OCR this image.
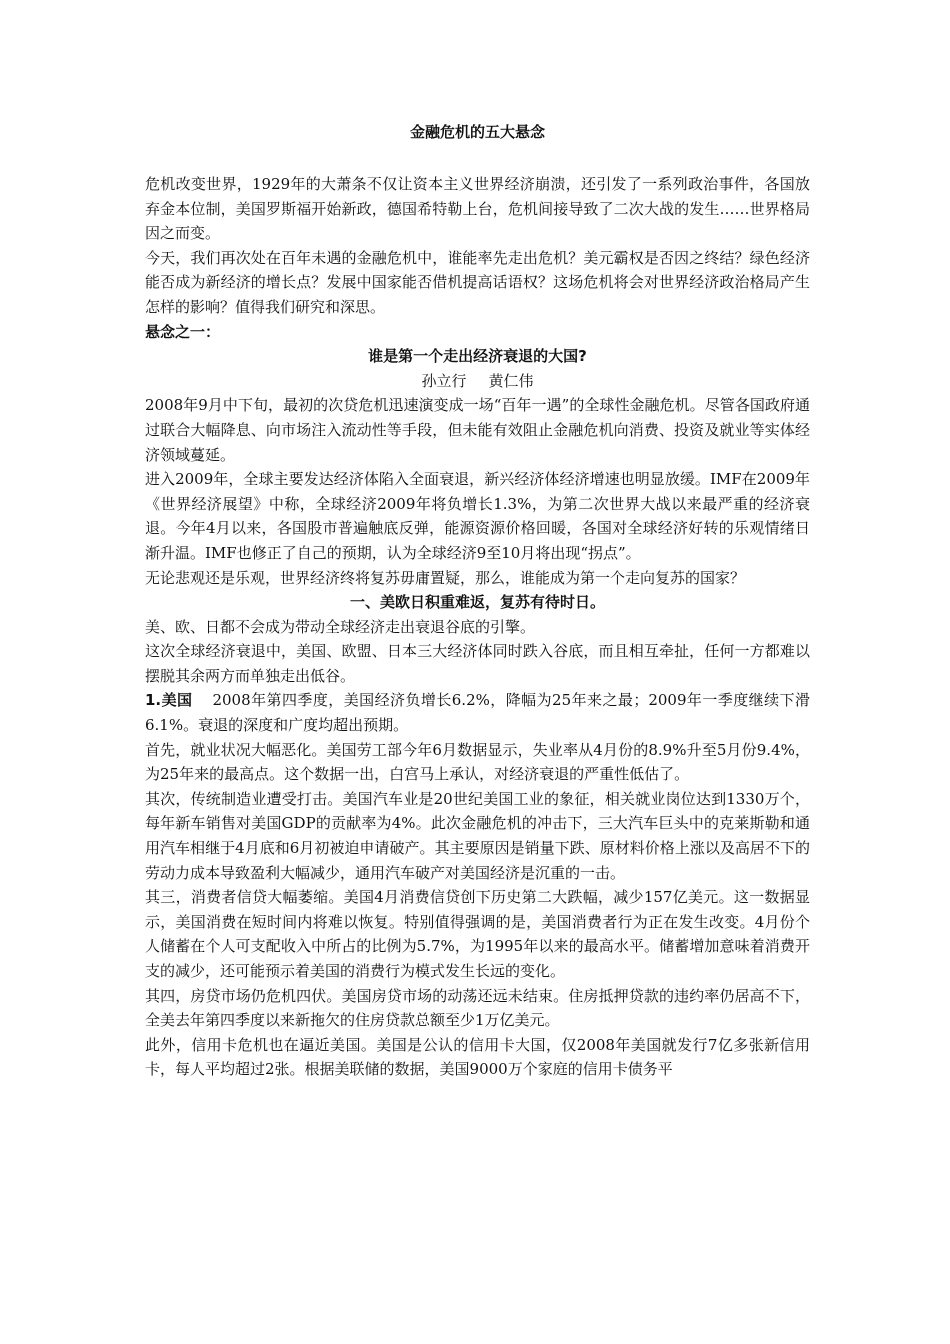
金融危机的五大悬念

危机改变世界，1929年的大萧条不仅让资本主义世界经济崩溃，还引发了一系列政治事件，各国放弃金本位制，美国罗斯福开始新政，德国希特勒上台，危机间接导致了二次大战的发生……世界格局因之而变。

今天，我们再次处在百年未遇的金融危机中，谁能率先走出危机？美元霸权是否因之终结？绿色经济能否成为新经济的增长点？发展中国家能否借机提高话语权？这场危机将会对世界经济政治格局产生怎样的影响？值得我们研究和深思。

悬念之一：

谁是第一个走出经济衰退的大国?

孙立行 黄仁伟

2008年9月中下旬，最初的次贷危机迅速演变成一场“百年一遇”的全球性金融危机。尽管各国政府通过联合大幅降息、向市场注入流动性等手段，但未能有效阻止金融危机向消费、投资及就业等实体经济领域蔓延。

进入2009年，全球主要发达经济体陷入全面衰退，新兴经济体经济增速也明显放缓。IMF在2009年《世界经济展望》中称，全球经济2009年将负增长1.3%，为第二次世界大战以来最严重的经济衰退。今年4月以来，各国股市普遍触底反弹，能源资源价格回暖，各国对全球经济好转的乐观情绪日渐升温。IMF也修正了自己的预期，认为全球经济9至10月将出现“拐点”。

无论悲观还是乐观，世界经济终将复苏毋庸置疑，那么，谁能成为第一个走向复苏的国家？

一、美欧日积重难返，复苏有待时日。

美、欧、日都不会成为带动全球经济走出衰退谷底的引擎。

这次全球经济衰退中，美国、欧盟、日本三大经济体同时跌入谷底，而且相互牵扯，任何一方都难以摆脱其余两方而单独走出低谷。

1.美国 2008年第四季度，美国经济负增长6.2%，降幅为25年来之最；2009年一季度继续下滑6.1%。衰退的深度和广度均超出预期。

首先，就业状况大幅恶化。美国劳工部今年6月数据显示，失业率从4月份的8.9%升至5月份9.4%，为25年来的最高点。这个数据一出，白宫马上承认，对经济衰退的严重性低估了。

其次，传统制造业遭受打击。美国汽车业是20世纪美国工业的象征，相关就业岗位达到1330万个，每年新车销售对美国GDP的贡献率为4%。此次金融危机的冲击下，三大汽车巨头中的克莱斯勒和通用汽车相继于4月底和6月初被迫申请破产。其主要原因是销量下跌、原材料价格上涨以及高居不下的劳动力成本导致盈利大幅减少，通用汽车破产对美国经济是沉重的一击。

其三，消费者信贷大幅萎缩。美国4月消费信贷创下历史第二大跌幅，减少157亿美元。这一数据显示，美国消费在短时间内将难以恢复。特别值得强调的是，美国消费者行为正在发生改变。4月份个人储蓄在个人可支配收入中所占的比例为5.7%，为1995年以来的最高水平。储蓄增加意味着消费开支的减少，还可能预示着美国的消费行为模式发生长远的变化。

其四，房贷市场仍危机四伏。美国房贷市场的动荡还远未结束。住房抵押贷款的违约率仍居高不下，全美去年第四季度以来新拖欠的住房贷款总额至少1万亿美元。

此外，信用卡危机也在逼近美国。美国是公认的信用卡大国，仅2008年美国就发行7亿多张新信用卡，每人平均超过2张。根据美联储的数据，美国9000万个家庭的信用卡债务平
